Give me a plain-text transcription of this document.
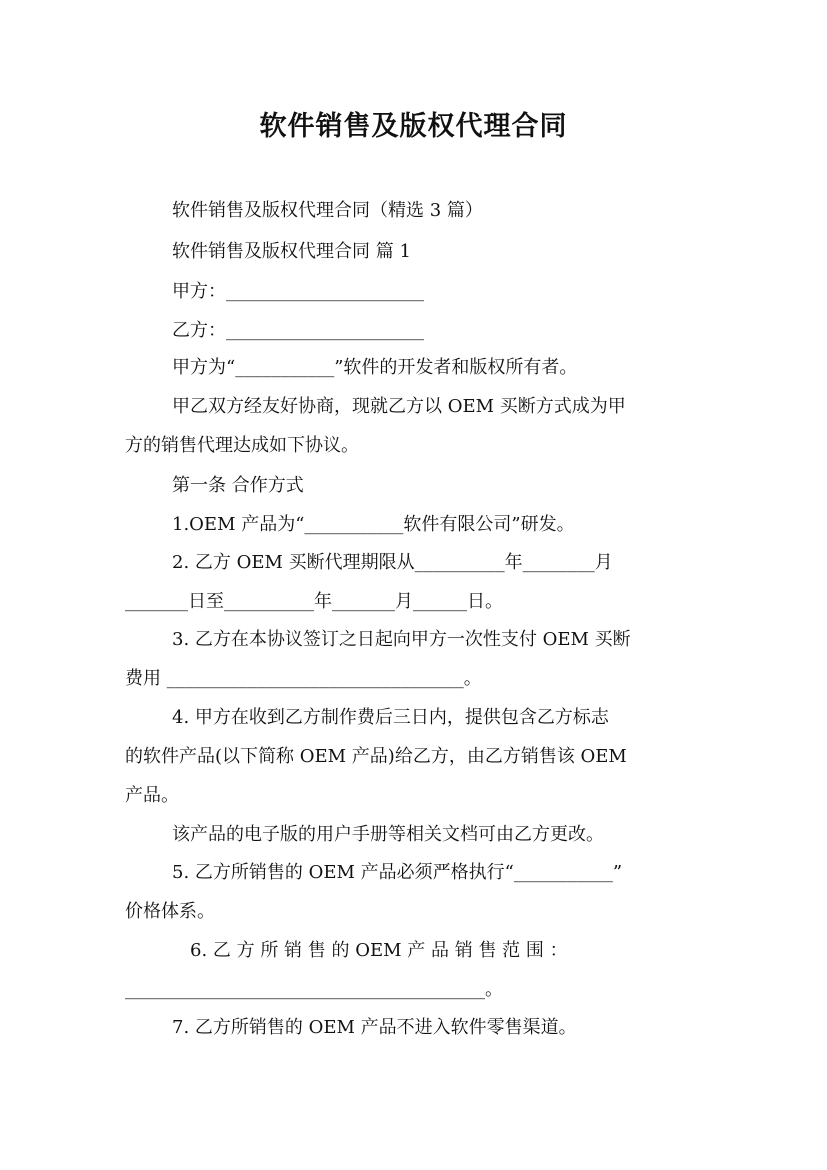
软件销售及版权代理合同
软件销售及版权代理合同（精选 3 篇）
软件销售及版权代理合同 篇 1
甲方：______________________
乙方：______________________
甲方为“___________”软件的开发者和版权所有者。
甲乙双方经友好协商，现就乙方以 OEM 买断方式成为甲
方的销售代理达成如下协议。
第一条 合作方式
1.OEM 产品为“___________软件有限公司”研发。
2. 乙方 OEM 买断代理期限从__________年________月
_______日至__________年_______月______日。
3. 乙方在本协议签订之日起向甲方一次性支付 OEM 买断
费用 _________________________________。
4. 甲方在收到乙方制作费后三日内，提供包含乙方标志
的软件产品(以下简称 OEM 产品)给乙方，由乙方销售该 OEM
产品。
该产品的电子版的用户手册等相关文档可由乙方更改。
5. 乙方所销售的 OEM 产品必须严格执行“___________”
价格体系。
6. 乙 方 所 销 售 的 OEM 产 品 销 售 范 围 ：
________________________________________。
7. 乙方所销售的 OEM 产品不进入软件零售渠道。
